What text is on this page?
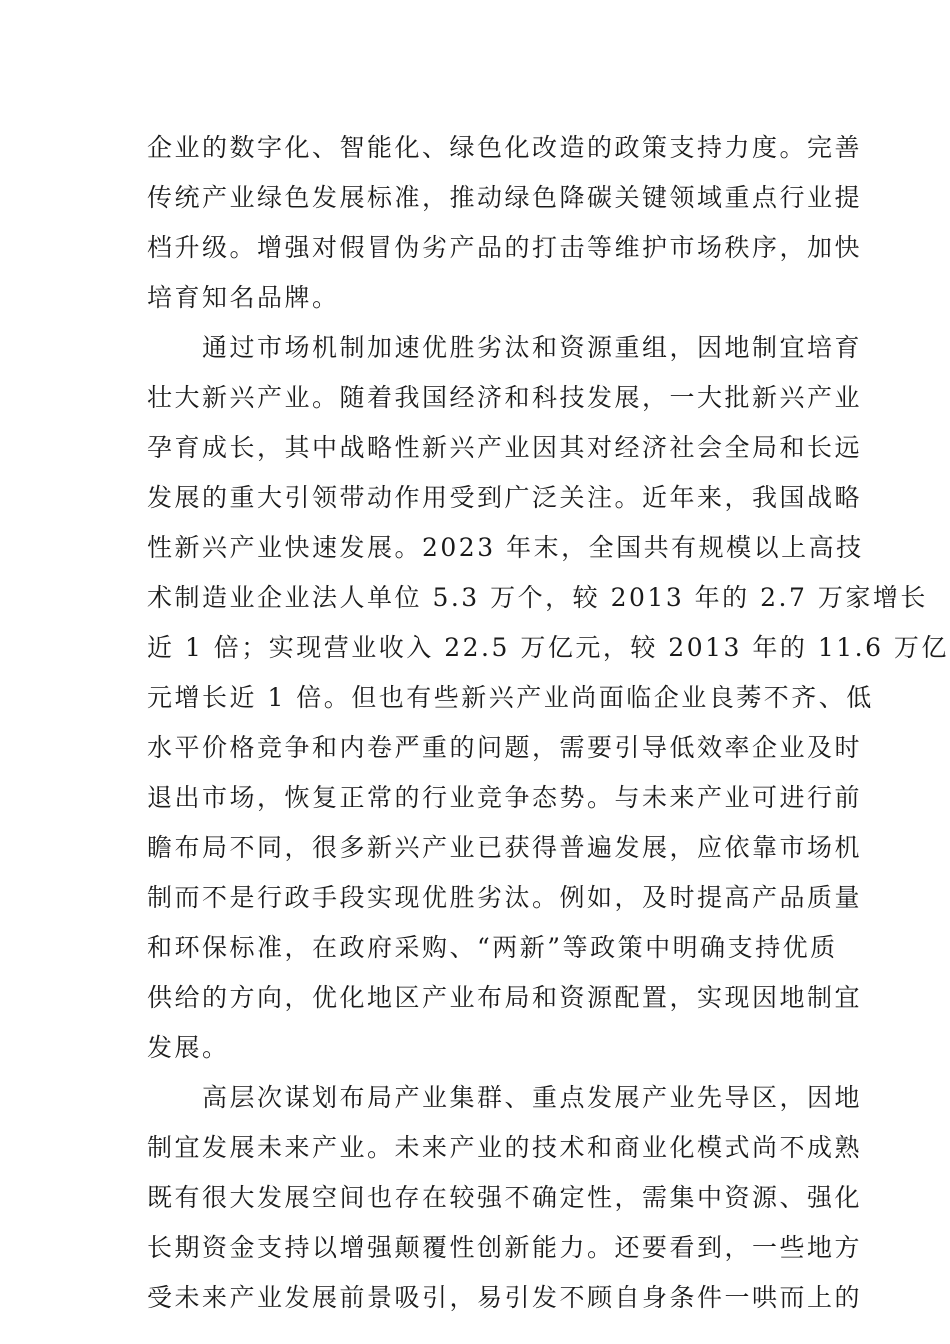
企业的数字化、智能化、绿色化改造的政策支持力度。完善
传统产业绿色发展标准，推动绿色降碳关键领域重点行业提
档升级。增强对假冒伪劣产品的打击等维护市场秩序，加快
培育知名品牌。
通过市场机制加速优胜劣汰和资源重组，因地制宜培育
壮大新兴产业。随着我国经济和科技发展，一大批新兴产业
孕育成长，其中战略性新兴产业因其对经济社会全局和长远
发展的重大引领带动作用受到广泛关注。近年来，我国战略
性新兴产业快速发展。2023 年末，全国共有规模以上高技
术制造业企业法人单位 5.3 万个，较 2013 年的 2.7 万家增长
近 1 倍；实现营业收入 22.5 万亿元，较 2013 年的 11.6 万亿
元增长近 1 倍。但也有些新兴产业尚面临企业良莠不齐、低
水平价格竞争和内卷严重的问题，需要引导低效率企业及时
退出市场，恢复正常的行业竞争态势。与未来产业可进行前
瞻布局不同，很多新兴产业已获得普遍发展，应依靠市场机
制而不是行政手段实现优胜劣汰。例如，及时提高产品质量
和环保标准，在政府采购、“两新”等政策中明确支持优质
供给的方向，优化地区产业布局和资源配置，实现因地制宜
发展。
高层次谋划布局产业集群、重点发展产业先导区，因地
制宜发展未来产业。未来产业的技术和商业化模式尚不成熟
既有很大发展空间也存在较强不确定性，需集中资源、强化
长期资金支持以增强颠覆性创新能力。还要看到，一些地方
受未来产业发展前景吸引，易引发不顾自身条件一哄而上的
